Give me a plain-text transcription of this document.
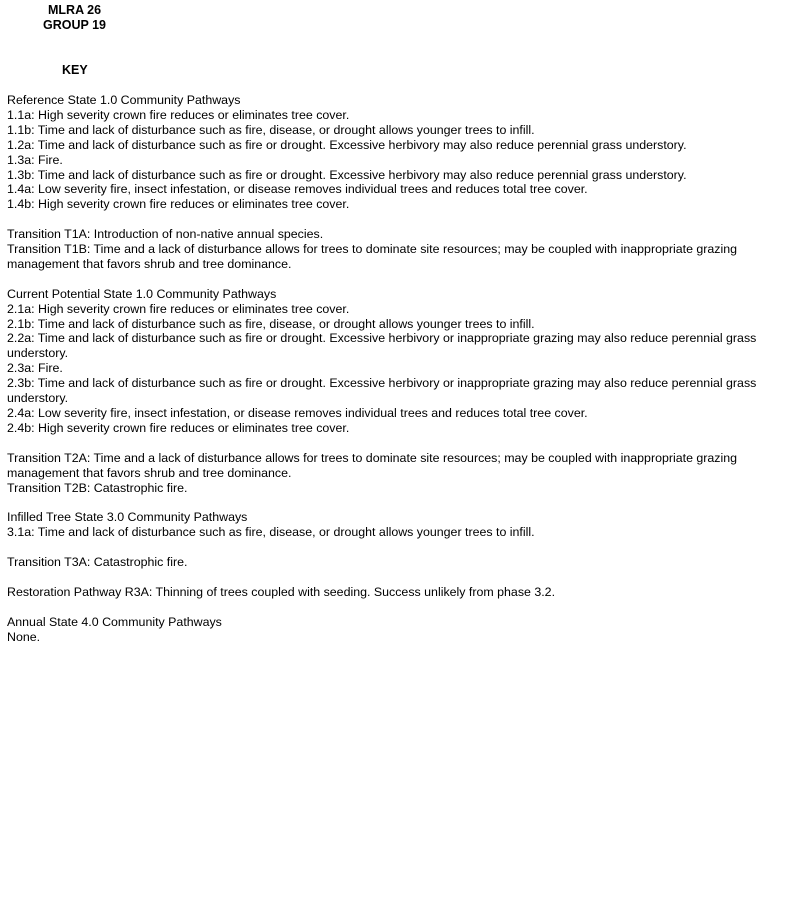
MLRA 26
GROUP 19
KEY
Reference State 1.0 Community Pathways
1.1a: High severity crown fire reduces or eliminates tree cover.
1.1b: Time and lack of disturbance such as fire, disease, or drought allows younger trees to infill.
1.2a: Time and lack of disturbance such as fire or drought. Excessive herbivory may also reduce perennial grass understory.
1.3a: Fire.
1.3b: Time and lack of disturbance such as fire or drought. Excessive herbivory may also reduce perennial grass understory.
1.4a: Low severity fire, insect infestation, or disease removes individual trees and reduces total tree cover.
1.4b: High severity crown fire reduces or eliminates tree cover.
Transition T1A: Introduction of non-native annual species.
Transition T1B: Time and a lack of disturbance allows for trees to dominate site resources; may be coupled with inappropriate grazing management that favors shrub and tree dominance.
Current Potential State 1.0 Community Pathways
2.1a: High severity crown fire reduces or eliminates tree cover.
2.1b: Time and lack of disturbance such as fire, disease, or drought allows younger trees to infill.
2.2a: Time and lack of disturbance such as fire or drought. Excessive herbivory or inappropriate grazing may also reduce perennial grass understory.
2.3a: Fire.
2.3b: Time and lack of disturbance such as fire or drought. Excessive herbivory or inappropriate grazing may also reduce perennial grass understory.
2.4a: Low severity fire, insect infestation, or disease removes individual trees and reduces total tree cover.
2.4b: High severity crown fire reduces or eliminates tree cover.
Transition T2A: Time and a lack of disturbance allows for trees to dominate site resources; may be coupled with inappropriate grazing management that favors shrub and tree dominance.
Transition T2B: Catastrophic fire.
Infilled Tree State 3.0 Community Pathways
3.1a: Time and lack of disturbance such as fire, disease, or drought allows younger trees to infill.
Transition T3A: Catastrophic fire.
Restoration Pathway R3A: Thinning of trees coupled with seeding. Success unlikely from phase 3.2.
Annual State 4.0 Community Pathways
None.
